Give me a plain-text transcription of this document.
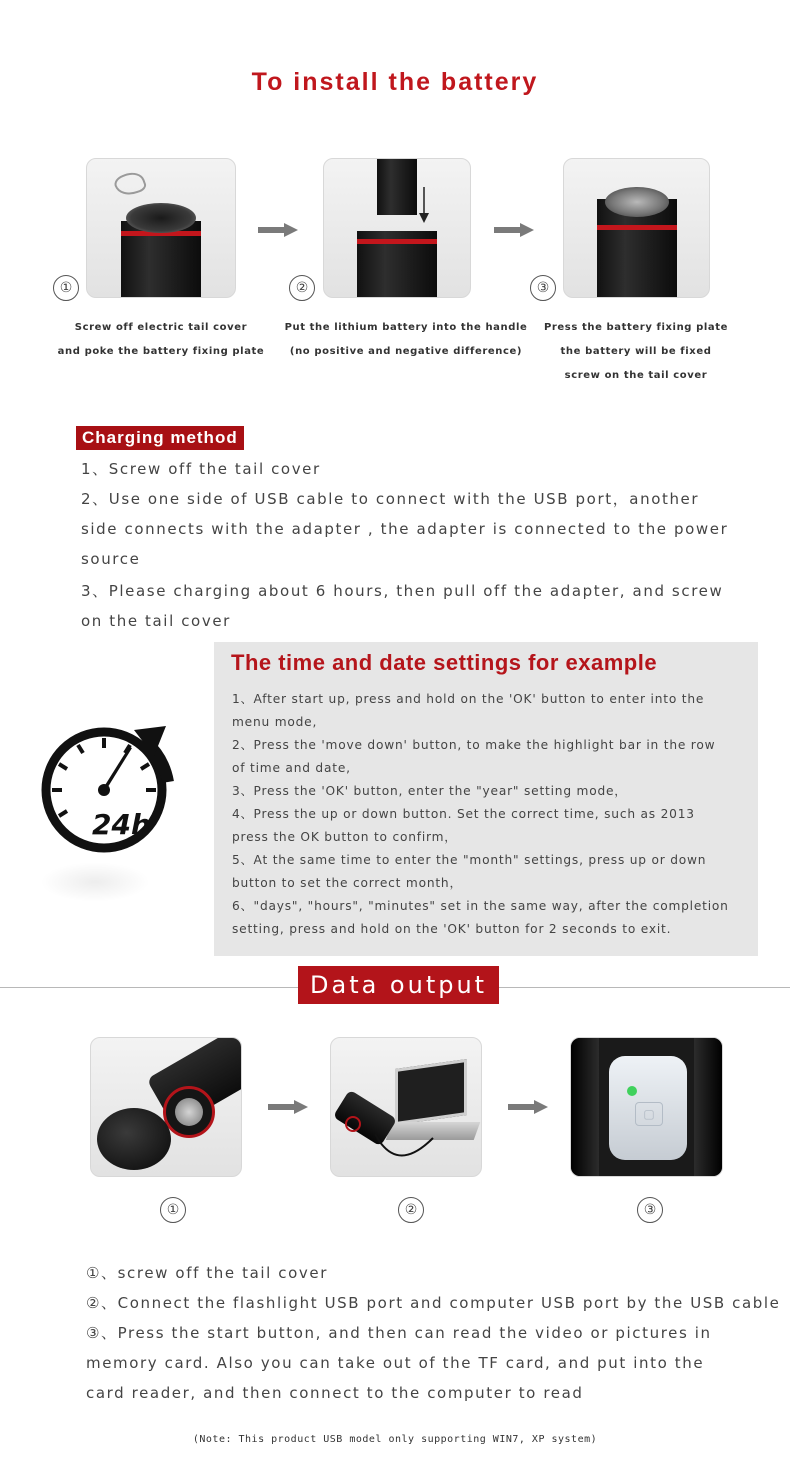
To install the battery
①	②	③
Screw off electric tail cover
and poke the battery fixing plate
Put the lithium battery into the handle
(no positive and negative difference)
Press the battery fixing plate
the battery will be fixed
screw on the tail cover
Charging method
1、Screw off the tail cover
2、Use one side of USB cable to connect with the USB port，another
side connects with the adapter , the adapter is connected to the power
source
3、Please charging about 6 hours, then pull off the adapter, and screw
on the tail cover
24h
The time and date settings for example
1、After start up, press and hold on the 'OK' button to enter into the
menu mode,
2、Press the 'move down' button, to make the highlight bar in the row
of time and date,
3、Press the 'OK' button, enter the "year" setting mode，
4、Press the up or down button. Set the correct time, such as 2013
press the OK button to confirm，
5、At the same time to enter the "month" settings, press up or down
button to set the correct month，
6、"days", "hours", "minutes" set in the same way, after the completion
setting, press and hold on the 'OK' button for 2 seconds to exit.
Data output
▢
①	②	③
①、screw off the tail cover
②、Connect the flashlight USB port and computer USB port by the USB cable
③、Press the start button, and then can read the video or pictures in
memory card. Also you can take out of the TF card, and put into the
card reader, and then connect to the computer to read
(Note: This product USB model only supporting WIN7, XP system)
